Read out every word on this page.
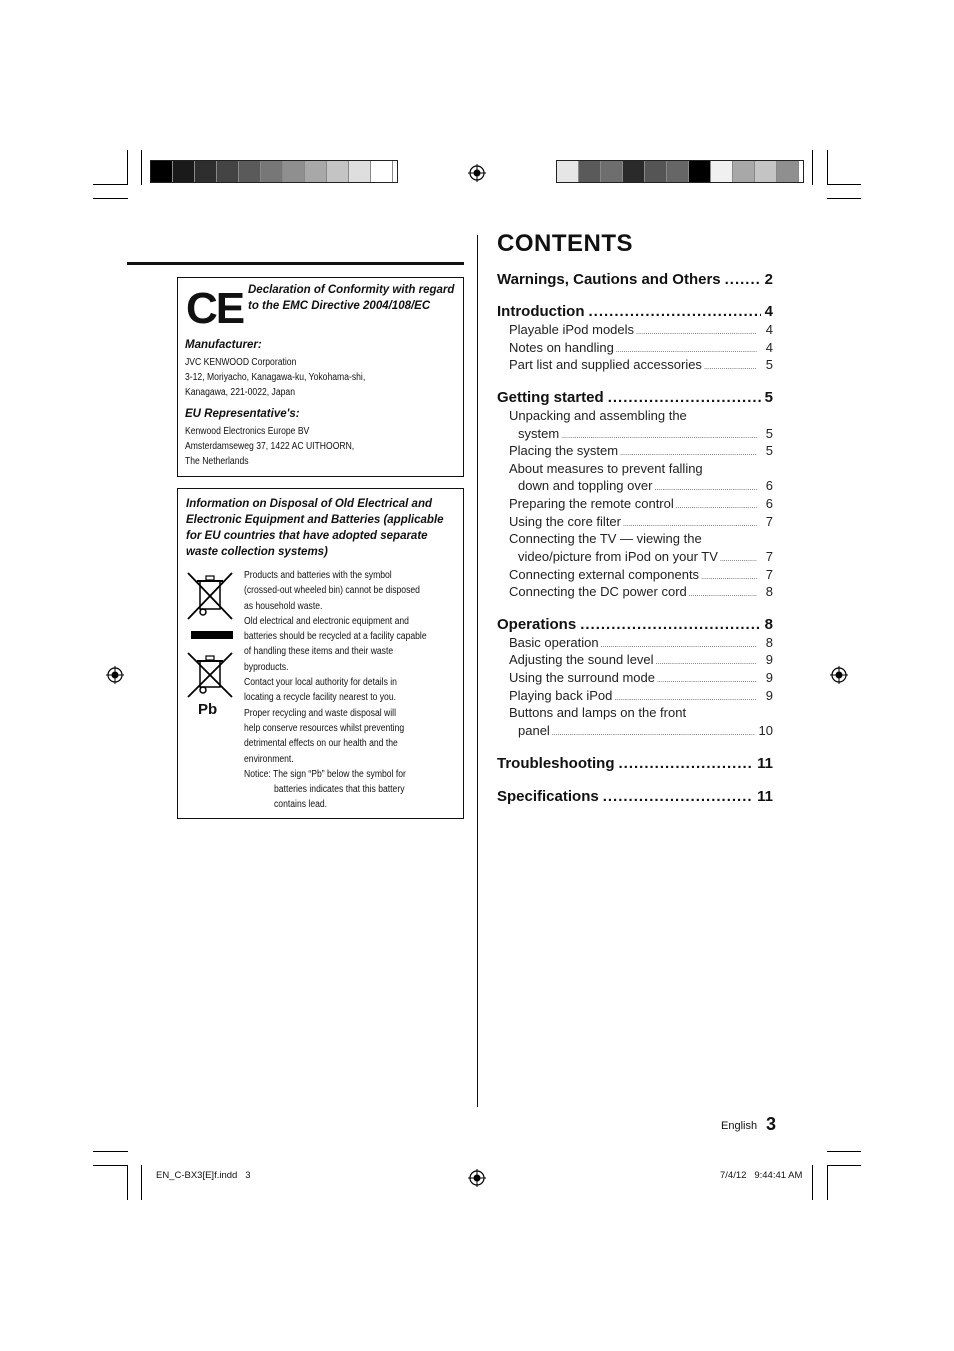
CE Declaration of Conformity with regard to the EMC Directive 2004/108/EC
Manufacturer:
JVC KENWOOD Corporation
3-12, Moriyacho, Kanagawa-ku, Yokohama-shi,
Kanagawa, 221-0022, Japan
EU Representative's:
Kenwood Electronics Europe BV
Amsterdamseweg 37, 1422 AC UITHOORN,
The Netherlands
Information on Disposal of Old Electrical and
Electronic Equipment and Batteries (applicable
for EU countries that have adopted separate
waste collection systems)
Pb
Products and batteries with the symbol
(crossed-out wheeled bin) cannot be disposed
as household waste.
Old electrical and electronic equipment and
batteries should be recycled at a facility capable
of handling these items and their waste
byproducts.
Contact your local authority for details in
locating a recycle facility nearest to you.
Proper recycling and waste disposal will
help conserve resources whilst preventing
detrimental effects on our health and the
environment.
Notice: The sign “Pb” below the symbol for
batteries indicates that this battery
contains lead.
CONTENTS
Warnings, Cautions and Others .....	2
Introduction .....	4
Playable iPod models .....	4
Notes on handling .....	4
Part list and supplied accessories .....	5
Getting started .....	5
Unpacking and assembling the
system .....	5
Placing the system .....	5
About measures to prevent falling
down and toppling over .....	6
Preparing the remote control .....	6
Using the core filter .....	7
Connecting the TV — viewing the
video/picture from iPod on your TV .....	7
Connecting external components .....	7
Connecting the DC power cord .....	8
Operations .....	8
Basic operation .....	8
Adjusting the sound level .....	9
Using the surround mode .....	9
Playing back iPod .....	9
Buttons and lamps on the front
panel .....	10
Troubleshooting .....	11
Specifications .....	11
English 3
EN_C-BX3[E]f.indd   3	7/4/12   9:44:41 AM
